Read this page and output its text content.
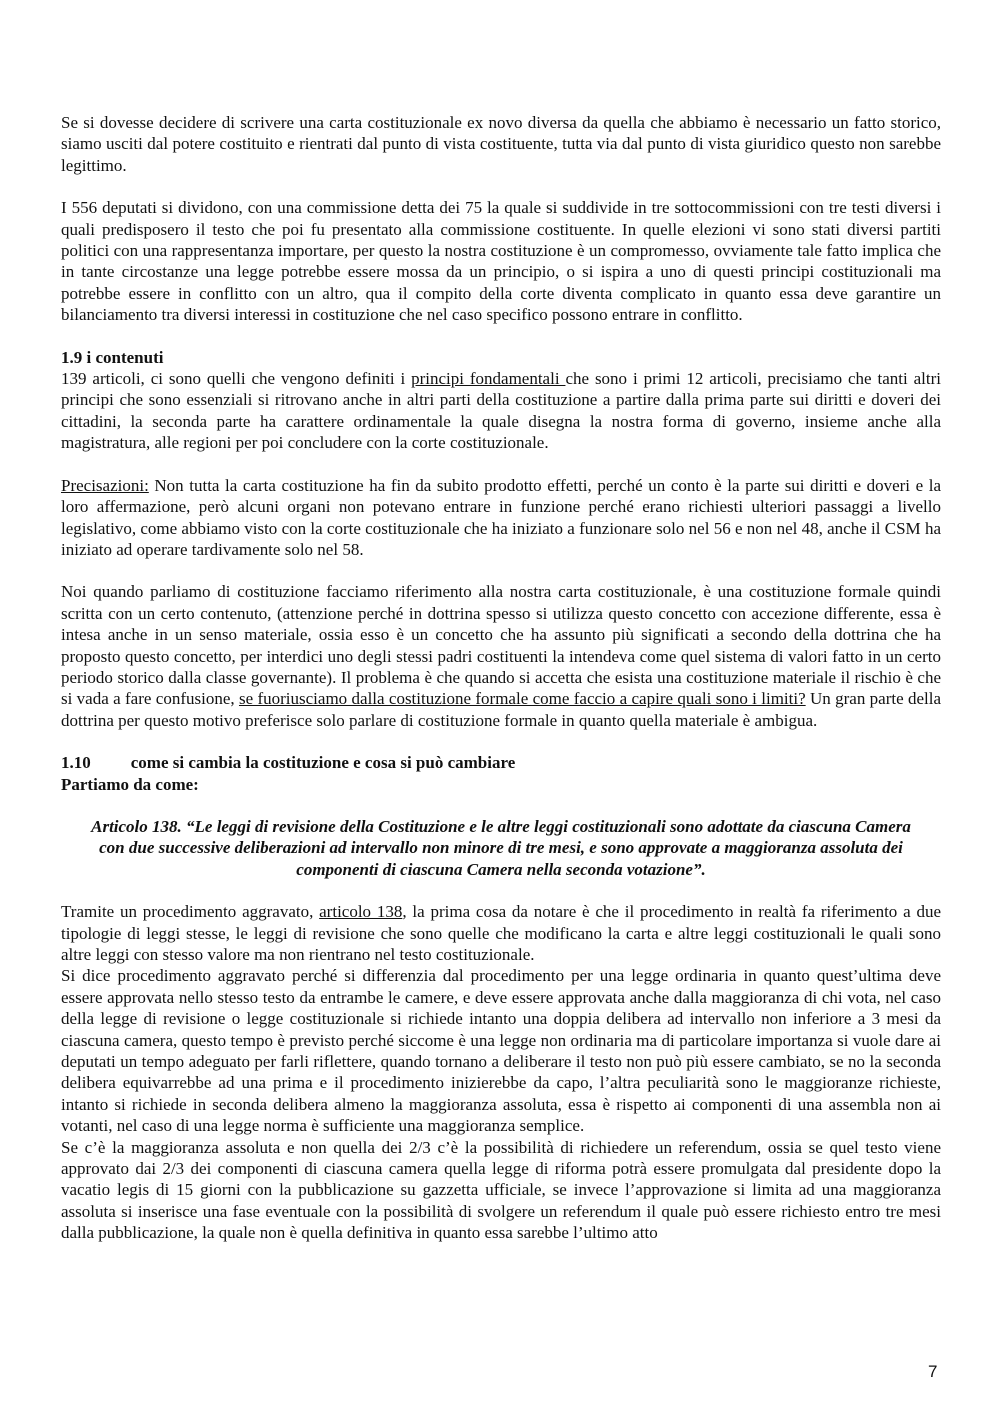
Se si dovesse decidere di scrivere una carta costituzionale ex novo diversa da quella che abbiamo è necessario un fatto storico, siamo usciti dal potere costituito e rientrati dal punto di vista costituente, tutta via dal punto di vista giuridico questo non sarebbe legittimo.

I 556 deputati si dividono, con una commissione detta dei 75 la quale si suddivide in tre sottocommissioni con tre testi diversi i quali predisposero il testo che poi fu presentato alla commissione costituente. In quelle elezioni vi sono stati diversi partiti politici con una rappresentanza importare, per questo la nostra costituzione è un compromesso, ovviamente tale fatto implica che in tante circostanze una legge potrebbe essere mossa da un principio, o si ispira a uno di questi principi costituzionali ma potrebbe essere in conflitto con un altro, qua il compito della corte diventa complicato in quanto essa deve garantire un bilanciamento tra diversi interessi in costituzione che nel caso specifico possono entrare in conflitto.

1.9 i contenuti

139 articoli, ci sono quelli che vengono definiti i principi fondamentali che sono i primi 12 articoli, precisiamo che tanti altri principi che sono essenziali si ritrovano anche in altri parti della costituzione a partire dalla prima parte sui diritti e doveri dei cittadini, la seconda parte ha carattere ordinamentale la quale disegna la nostra forma di governo, insieme anche alla magistratura, alle regioni per poi concludere con la corte costituzionale.

Precisazioni: Non tutta la carta costituzione ha fin da subito prodotto effetti, perché un conto è la parte sui diritti e doveri e la loro affermazione, però alcuni organi non potevano entrare in funzione perché erano richiesti ulteriori passaggi a livello legislativo, come abbiamo visto con la corte costituzionale che ha iniziato a funzionare solo nel 56 e non nel 48, anche il CSM ha iniziato ad operare tardivamente solo nel 58.

Noi quando parliamo di costituzione facciamo riferimento alla nostra carta costituzionale, è una costituzione formale quindi scritta con un certo contenuto, (attenzione perché in dottrina spesso si utilizza questo concetto con accezione differente, essa è intesa anche in un senso materiale, ossia esso è un concetto che ha assunto più significati a secondo della dottrina che ha proposto questo concetto, per interdici uno degli stessi padri costituenti la intendeva come quel sistema di valori fatto in un certo periodo storico dalla classe governante). Il problema è che quando si accetta che esista una costituzione materiale il rischio è che si vada a fare confusione, se fuoriusciamo dalla costituzione formale come faccio a capire quali sono i limiti? Un gran parte della dottrina per questo motivo preferisce solo parlare di costituzione formale in quanto quella materiale è ambigua.

1.10 come si cambia la costituzione e cosa si può cambiare

Partiamo da come:

Articolo 138. “Le leggi di revisione della Costituzione e le altre leggi costituzionali sono adottate da ciascuna Camera con due successive deliberazioni ad intervallo non minore di tre mesi, e sono approvate a maggioranza assoluta dei componenti di ciascuna Camera nella seconda votazione”.

Tramite un procedimento aggravato, articolo 138, la prima cosa da notare è che il procedimento in realtà fa riferimento a due tipologie di leggi stesse, le leggi di revisione che sono quelle che modificano la carta e altre leggi costituzionali le quali sono altre leggi con stesso valore ma non rientrano nel testo costituzionale.

Si dice procedimento aggravato perché si differenzia dal procedimento per una legge ordinaria in quanto quest’ultima deve essere approvata nello stesso testo da entrambe le camere, e deve essere approvata anche dalla maggioranza di chi vota, nel caso della legge di revisione o legge costituzionale si richiede intanto una doppia delibera ad intervallo non inferiore a 3 mesi da ciascuna camera, questo tempo è previsto perché siccome è una legge non ordinaria ma di particolare importanza si vuole dare ai deputati un tempo adeguato per farli riflettere, quando tornano a deliberare il testo non può più essere cambiato, se no la seconda delibera equivarrebbe ad una prima e il procedimento inizierebbe da capo, l’altra peculiarità sono le maggioranze richieste, intanto si richiede in seconda delibera almeno la maggioranza assoluta, essa è rispetto ai componenti di una assembla non ai votanti, nel caso di una legge norma è sufficiente una maggioranza semplice.

Se c’è la maggioranza assoluta e non quella dei 2/3 c’è la possibilità di richiedere un referendum, ossia se quel testo viene approvato dai 2/3 dei componenti di ciascuna camera quella legge di riforma potrà essere promulgata dal presidente dopo la vacatio legis di 15 giorni con la pubblicazione su gazzetta ufficiale, se invece l’approvazione si limita ad una maggioranza assoluta si inserisce una fase eventuale con la possibilità di svolgere un referendum il quale può essere richiesto entro tre mesi dalla pubblicazione, la quale non è quella definitiva in quanto essa sarebbe l’ultimo atto

7
